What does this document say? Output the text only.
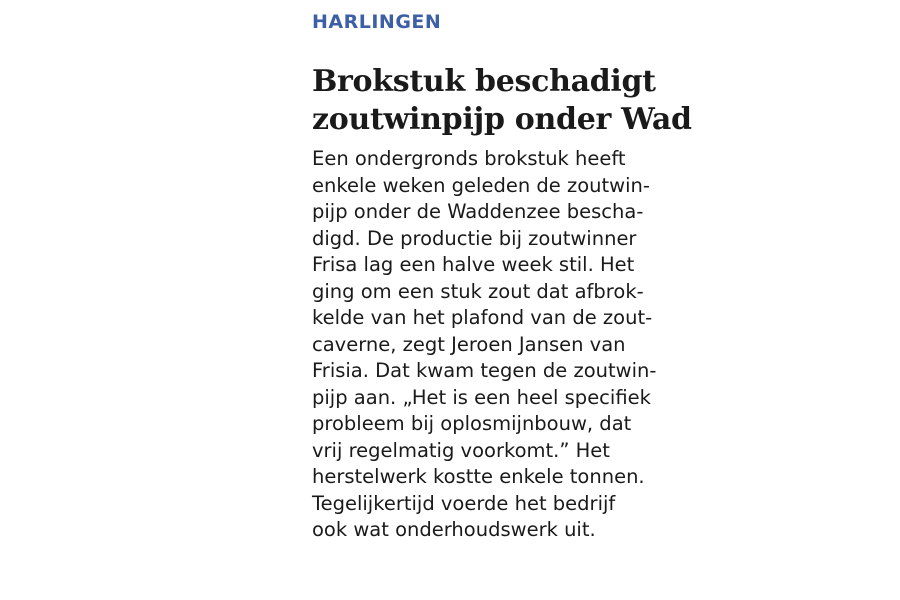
HARLINGEN
Brokstuk beschadigt
zoutwinpijp onder Wad
Een ondergronds brokstuk heeft
enkele weken geleden de zoutwin-
pijp onder de Waddenzee bescha-
digd. De productie bij zoutwinner
Frisa lag een halve week stil. Het
ging om een stuk zout dat afbrok-
kelde van het plafond van de zout-
caverne, zegt Jeroen Jansen van
Frisia. Dat kwam tegen de zoutwin-
pijp aan. „Het is een heel specifiek
probleem bij oplosmijnbouw, dat
vrij regelmatig voorkomt.” Het
herstelwerk kostte enkele tonnen.
Tegelijkertijd voerde het bedrijf
ook wat onderhoudswerk uit.
